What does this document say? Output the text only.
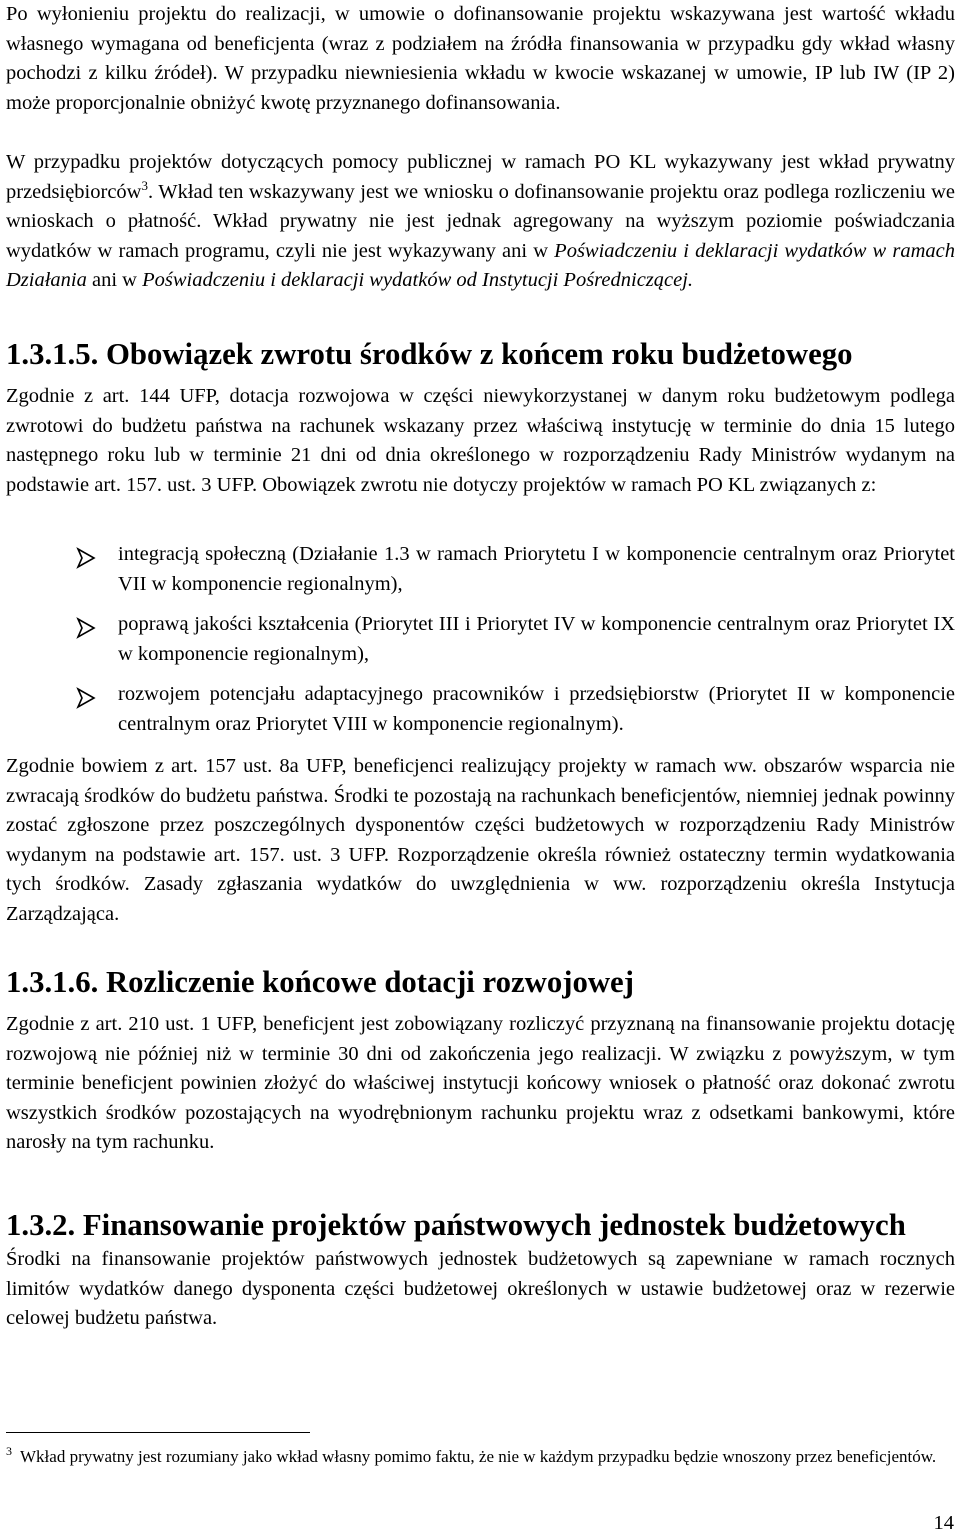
Po wyłonieniu projektu do realizacji, w umowie o dofinansowanie projektu wskazywana jest wartość wkładu własnego wymagana od beneficjenta (wraz z podziałem na źródła finansowania w przypadku gdy wkład własny pochodzi z kilku źródeł). W przypadku niewniesienia wkładu w kwocie wskazanej w umowie, IP lub IW (IP 2) może proporcjonalnie obniżyć kwotę przyznanego dofinansowania.

W przypadku projektów dotyczących pomocy publicznej w ramach PO KL wykazywany jest wkład prywatny przedsiębiorców$^3$. Wkład ten wskazywany jest we wniosku o dofinansowanie projektu oraz podlega rozliczeniu we wnioskach o płatność. Wkład prywatny nie jest jednak agregowany na wyższym poziomie poświadczania wydatków w ramach programu, czyli nie jest wykazywany ani w Poświadczeniu i deklaracji wydatków w ramach Działania ani w Poświadczeniu i deklaracji wydatków od Instytucji Pośredniczącej.

1.3.1.5. Obowiązek zwrotu środków z końcem roku budżetowego

Zgodnie z art. 144 UFP, dotacja rozwojowa w części niewykorzystanej w danym roku budżetowym podlega zwrotowi do budżetu państwa na rachunek wskazany przez właściwą instytucję w terminie do dnia 15 lutego następnego roku lub w terminie 21 dni od dnia określonego w rozporządzeniu Rady Ministrów wydanym na podstawie art. 157. ust. 3 UFP. Obowiązek zwrotu nie dotyczy projektów w ramach PO KL związanych z:

integracją społeczną (Działanie 1.3 w ramach Priorytetu I w komponencie centralnym oraz Priorytet VII w komponencie regionalnym),

poprawą jakości kształcenia (Priorytet III i Priorytet IV w komponencie centralnym oraz Priorytet IX w komponencie regionalnym),

rozwojem potencjału adaptacyjnego pracowników i przedsiębiorstw (Priorytet II w komponencie centralnym oraz Priorytet VIII w komponencie regionalnym).

Zgodnie bowiem z art. 157 ust. 8a UFP, beneficjenci realizujący projekty w ramach ww. obszarów wsparcia nie zwracają środków do budżetu państwa. Środki te pozostają na rachunkach beneficjentów, niemniej jednak powinny zostać zgłoszone przez poszczególnych dysponentów części budżetowych w rozporządzeniu Rady Ministrów wydanym na podstawie art. 157. ust. 3 UFP. Rozporządzenie określa również ostateczny termin wydatkowania tych środków. Zasady zgłaszania wydatków do uwzględnienia w ww. rozporządzeniu określa Instytucja Zarządzająca.

1.3.1.6. Rozliczenie końcowe dotacji rozwojowej

Zgodnie z art. 210 ust. 1 UFP, beneficjent jest zobowiązany rozliczyć przyznaną na finansowanie projektu dotację rozwojową nie później niż w terminie 30 dni od zakończenia jego realizacji. W związku z powyższym, w tym terminie beneficjent powinien złożyć do właściwej instytucji końcowy wniosek o płatność oraz dokonać zwrotu wszystkich środków pozostających na wyodrębnionym rachunku projektu wraz z odsetkami bankowymi, które narosły na tym rachunku.

1.3.2. Finansowanie projektów państwowych jednostek budżetowych

Środki na finansowanie projektów państwowych jednostek budżetowych są zapewniane w ramach rocznych limitów wydatków danego dysponenta części budżetowej określonych w ustawie budżetowej oraz w rezerwie celowej budżetu państwa.

$^3$ Wkład prywatny jest rozumiany jako wkład własny pomimo faktu, że nie w każdym przypadku będzie wnoszony przez beneficjentów.

14
